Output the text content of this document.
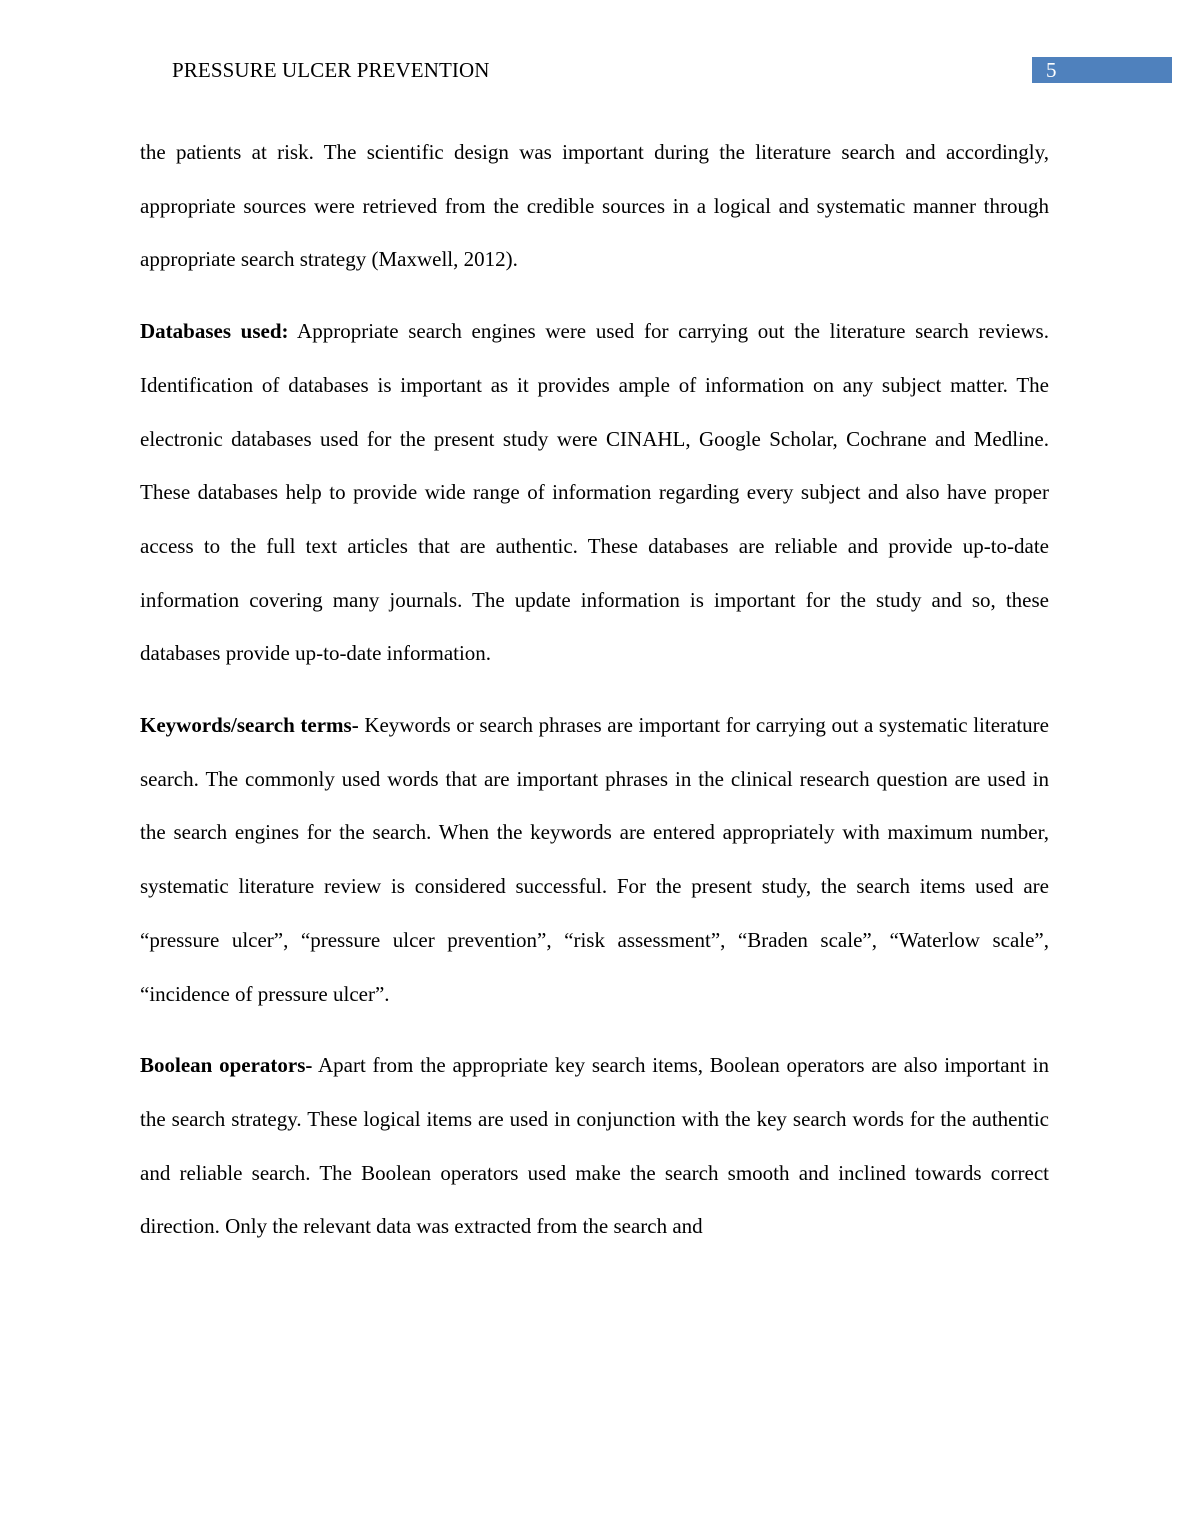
PRESSURE ULCER PREVENTION	5

the patients at risk. The scientific design was important during the literature search and accordingly, appropriate sources were retrieved from the credible sources in a logical and systematic manner through appropriate search strategy (Maxwell, 2012).

Databases used: Appropriate search engines were used for carrying out the literature search reviews. Identification of databases is important as it provides ample of information on any subject matter. The electronic databases used for the present study were CINAHL, Google Scholar, Cochrane and Medline. These databases help to provide wide range of information regarding every subject and also have proper access to the full text articles that are authentic. These databases are reliable and provide up-to-date information covering many journals. The update information is important for the study and so, these databases provide up-to-date information.

Keywords/search terms- Keywords or search phrases are important for carrying out a systematic literature search. The commonly used words that are important phrases in the clinical research question are used in the search engines for the search. When the keywords are entered appropriately with maximum number, systematic literature review is considered successful. For the present study, the search items used are “pressure ulcer”, “pressure ulcer prevention”, “risk assessment”, “Braden scale”, “Waterlow scale”, “incidence of pressure ulcer”.

Boolean operators- Apart from the appropriate key search items, Boolean operators are also important in the search strategy. These logical items are used in conjunction with the key search words for the authentic and reliable search. The Boolean operators used make the search smooth and inclined towards correct direction. Only the relevant data was extracted from the search and
